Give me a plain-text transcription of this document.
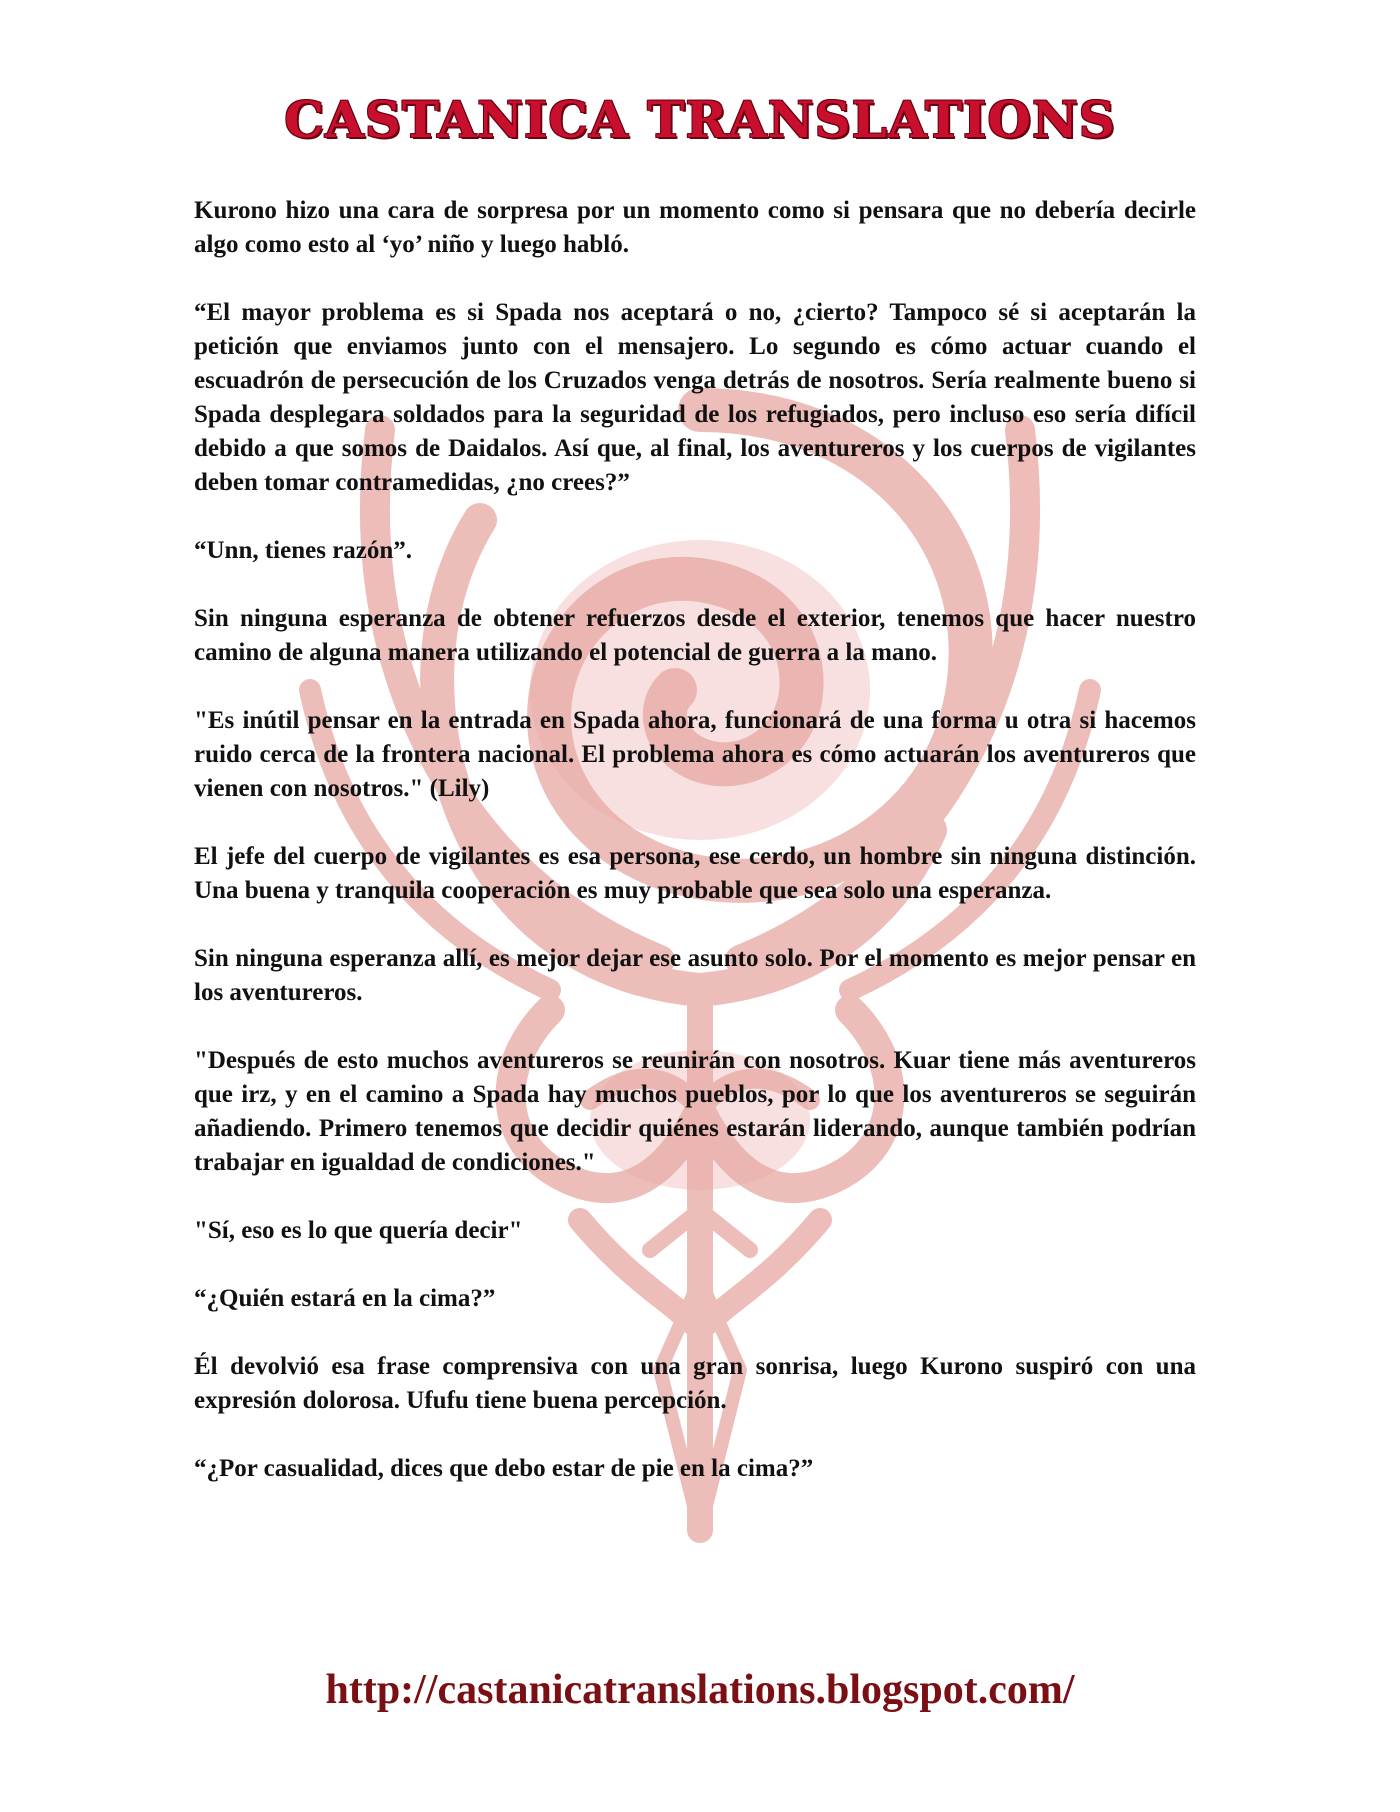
CASTANICA TRANSLATIONS

Kurono hizo una cara de sorpresa por un momento como si pensara que no debería decirle algo como esto al ‘yo’ niño y luego habló.

“El mayor problema es si Spada nos aceptará o no, ¿cierto? Tampoco sé si aceptarán la petición que enviamos junto con el mensajero. Lo segundo es cómo actuar cuando el escuadrón de persecución de los Cruzados venga detrás de nosotros. Sería realmente bueno si Spada desplegara soldados para la seguridad de los refugiados, pero incluso eso sería difícil debido a que somos de Daidalos. Así que, al final, los aventureros y los cuerpos de vigilantes deben tomar contramedidas, ¿no crees?”

“Unn, tienes razón”.

Sin ninguna esperanza de obtener refuerzos desde el exterior, tenemos que hacer nuestro camino de alguna manera utilizando el potencial de guerra a la mano.

"Es inútil pensar en la entrada en Spada ahora, funcionará de una forma u otra si hacemos ruido cerca de la frontera nacional. El problema ahora es cómo actuarán los aventureros que vienen con nosotros." (Lily)

El jefe del cuerpo de vigilantes es esa persona, ese cerdo, un hombre sin ninguna distinción. Una buena y tranquila cooperación es muy probable que sea solo una esperanza.

Sin ninguna esperanza allí, es mejor dejar ese asunto solo. Por el momento es mejor pensar en los aventureros.

"Después de esto muchos aventureros se reunirán con nosotros. Kuar tiene más aventureros que irz, y en el camino a Spada hay muchos pueblos, por lo que los aventureros se seguirán añadiendo. Primero tenemos que decidir quiénes estarán liderando, aunque también podrían trabajar en igualdad de condiciones."

"Sí, eso es lo que quería decir"

“¿Quién estará en la cima?”

Él devolvió esa frase comprensiva con una gran sonrisa, luego Kurono suspiró con una expresión dolorosa. Ufufu tiene buena percepción.

“¿Por casualidad, dices que debo estar de pie en la cima?”

http://castanicatranslations.blogspot.com/
